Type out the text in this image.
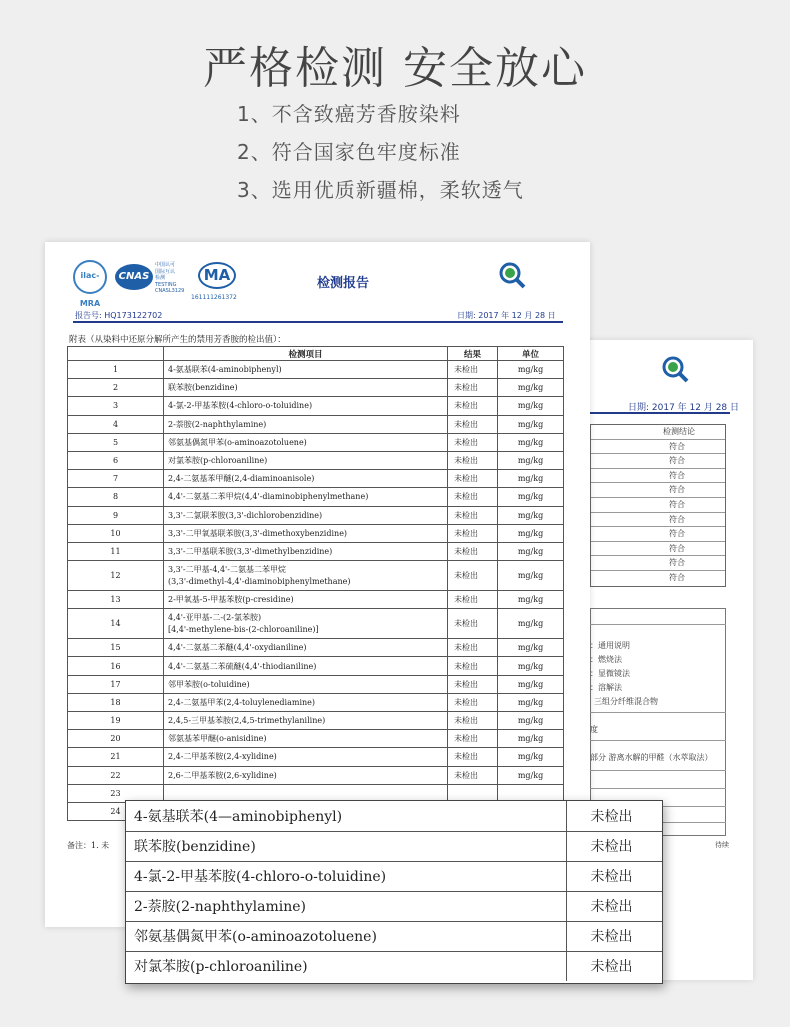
严格检测 安全放心
1、不含致癌芳香胺染料
2、符合国家色牢度标准
3、选用优质新疆棉，柔软透气
日期: 2017 年 12 月 28 日
检测结论
符合
符合
符合
符合
符合
符合
符合
符合
符合
符合
：通用说明
：燃烧法
：显微镜法
：溶解法
三组分纤维混合物
度
部分 游离水解的甲醛（水萃取法）
待续
ilac-MRA
CNAS
中国认可
国际互认
检测
TESTING
CNASL3129
MA
161111261372
检测报告
报告号: HQ173122702	日期: 2017 年 12 月 28 日
附表（从染料中还原分解所产生的禁用芳香胺的检出值）：
	检测项目	结果	单位
1	4-氨基联苯(4-aminobiphenyl)	未检出	mg/kg
2	联苯胺(benzidine)	未检出	mg/kg
3	4-氯-2-甲基苯胺(4-chloro-ο-toluidine)	未检出	mg/kg
4	2-萘胺(2-naphthylamine)	未检出	mg/kg
5	邻氨基偶氮甲苯(o-aminoazotoluene)	未检出	mg/kg
6	对氯苯胺(p-chloroaniline)	未检出	mg/kg
7	2,4-二氨基苯甲醚(2,4-diaminoanisole)	未检出	mg/kg
8	4,4'-二氨基二苯甲烷(4,4'-diaminobiphenylmethane)	未检出	mg/kg
9	3,3'-二氯联苯胺(3,3'-dichlorobenzidine)	未检出	mg/kg
10	3,3'-二甲氧基联苯胺(3,3'-dimethoxybenzidine)	未检出	mg/kg
11	3,3'-二甲基联苯胺(3,3'-dimethylbenzidine)	未检出	mg/kg
12	3,3'-二甲基-4,4'-二氨基二苯甲烷
(3,3'-dimethyl-4,4'-diaminobiphenylmethane)	未检出	mg/kg
13	2-甲氧基-5-甲基苯胺(p-cresidine)	未检出	mg/kg
14	4,4'-亚甲基-二-(2-氯苯胺)
[4,4'-methylene-bis-(2-chloroaniline)]	未检出	mg/kg
15	4,4'-二氨基二苯醚(4,4'-oxydianiline)	未检出	mg/kg
16	4,4'-二氨基二苯硫醚(4,4'-thiodianiline)	未检出	mg/kg
17	邻甲苯胺(o-toluidine)	未检出	mg/kg
18	2,4-二氨基甲苯(2,4-toluylenediamine)	未检出	mg/kg
19	2,4,5-三甲基苯胺(2,4,5-trimethylaniline)	未检出	mg/kg
20	邻氨基苯甲醚(ο-anisidine)	未检出	mg/kg
21	2,4-二甲基苯胺(2,4-xylidine)	未检出	mg/kg
22	2,6-二甲基苯胺(2,6-xylidine)	未检出	mg/kg
23			
24			
备注：1. 未
4-氨基联苯(4—aminobiphenyl)	未检出
联苯胺(benzidine)	未检出
4-氯-2-甲基苯胺(4-chloro-ο-toluidine)	未检出
2-萘胺(2-naphthylamine)	未检出
邻氨基偶氮甲苯(o-aminoazotoluene)	未检出
对氯苯胺(p-chloroaniline)	未检出
